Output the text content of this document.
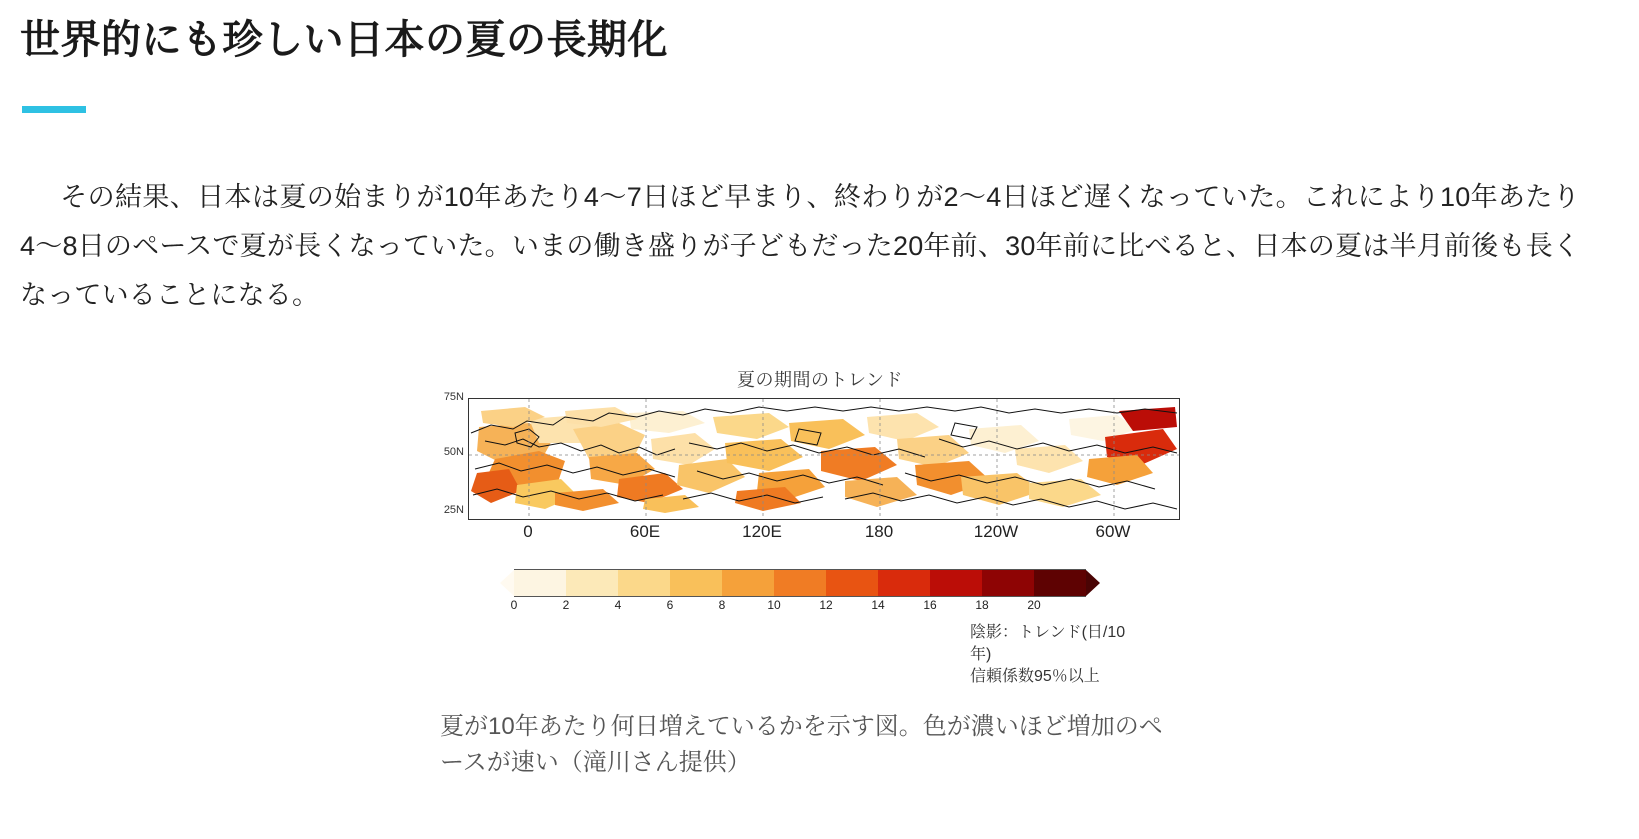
世界的にも珍しい日本の夏の長期化

その結果、日本は夏の始まりが10年あたり4〜7日ほど早まり、終わりが2〜4日ほど遅くなっていた。これにより10年あたり4〜8日のペースで夏が長くなっていた。いまの働き盛りが子どもだった20年前、30年前に比べると、日本の夏は半月前後も長くなっていることになる。

夏の期間のトレンド
75N
50N
25N
0	60E	120E	180	120W	60W
0	2	4	6	8	10	12	14	16	18	20
陰影：トレンド(日/10年)
信頼係数95％以上
夏が10年あたり何日増えているかを示す図。色が濃いほど増加のペースが速い（滝川さん提供）
